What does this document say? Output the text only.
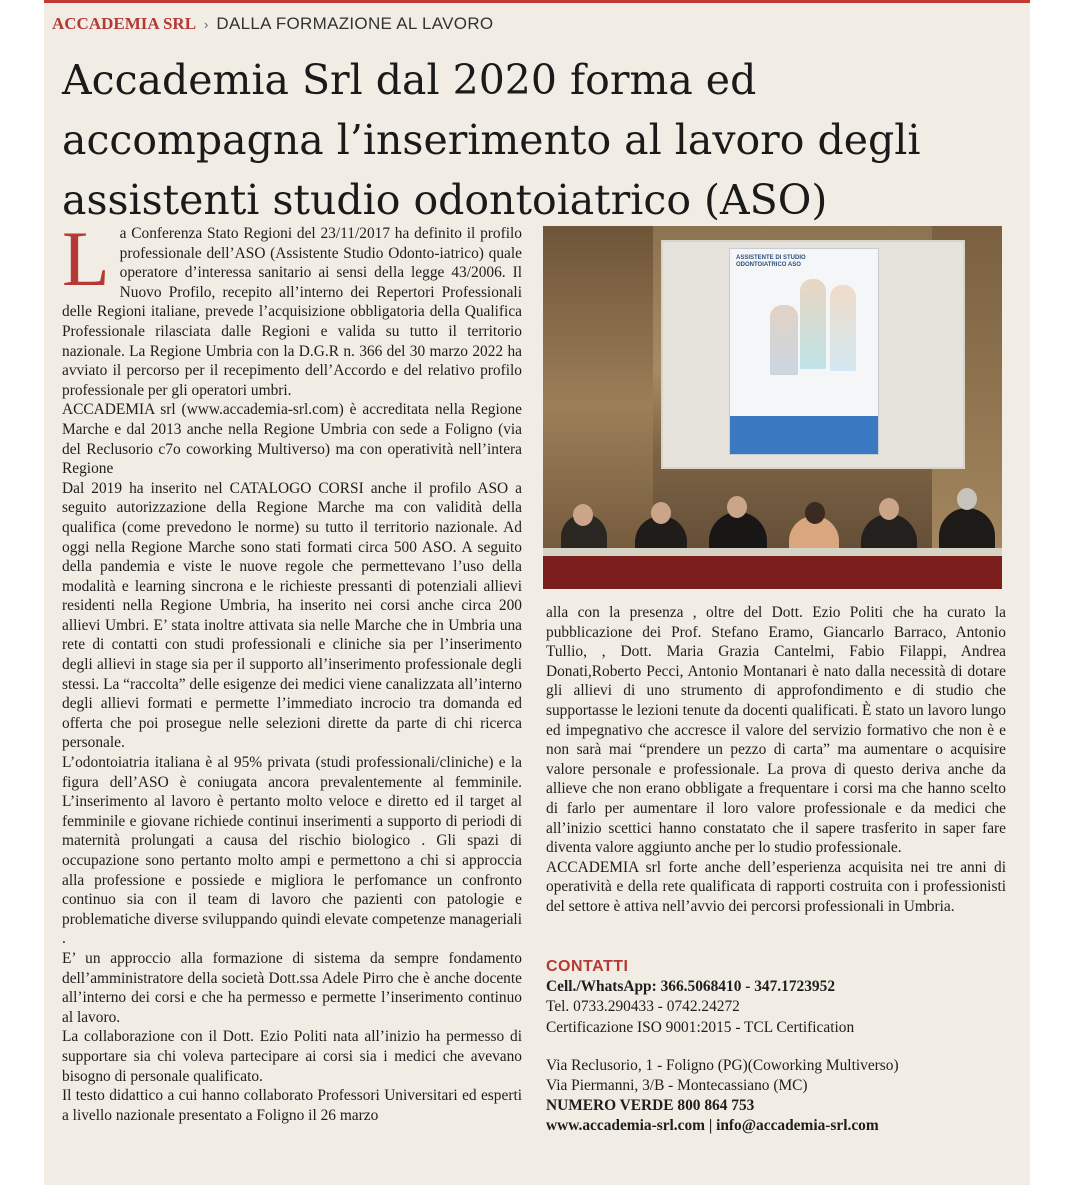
ACCADEMIA SRL › DALLA FORMAZIONE AL LAVORO
Accademia Srl dal 2020 forma ed
accompagna l’inserimento al lavoro degli
assistenti studio odontoiatrico (ASO)

La Conferenza Stato Regioni del 23/11/2017 ha definito il profilo professionale dell’ASO (Assistente Studio Odonto-iatrico) quale operatore d’interessa sanitario ai sensi della legge 43/2006. Il Nuovo Profilo, recepito all’interno dei Repertori Professionali delle Regioni italiane, prevede l’acquisizione obbligatoria della Qualifica Professionale rilasciata dalle Regioni e valida su tutto il territorio nazionale. La Regione Umbria con la D.G.R n. 366 del 30 marzo 2022 ha avviato il percorso per il recepimento dell’Accordo e del relativo profilo professionale per gli operatori umbri.

ACCADEMIA srl (www.accademia-srl.com) è accreditata nella Regione Marche e dal 2013 anche nella Regione Umbria con sede a Foligno (via del Reclusorio c7o coworking Multiverso) ma con operatività nell’intera Regione

Dal 2019 ha inserito nel CATALOGO CORSI anche il profilo ASO a seguito autorizzazione della Regione Marche ma con validità della qualifica (come prevedono le norme) su tutto il territorio nazionale. Ad oggi nella Regione Marche sono stati formati circa 500 ASO. A seguito della pandemia e viste le nuove regole che permettevano l’uso della modalità e learning sincrona e le richieste pressanti di potenziali allievi residenti nella Regione Umbria, ha inserito nei corsi anche circa 200 allievi Umbri. E’ stata inoltre attivata sia nelle Marche che in Umbria una rete di contatti con studi professionali e cliniche sia per l’inserimento degli allievi in stage sia per il supporto all’inserimento professionale degli stessi. La “raccolta” delle esigenze dei medici viene canalizzata all’interno degli allievi formati e permette l’immediato incrocio tra domanda ed offerta che poi prosegue nelle selezioni dirette da parte di chi ricerca personale.

L’odontoiatria italiana è al 95% privata (studi professionali/cliniche) e la figura dell’ASO è coniugata ancora prevalentemente al femminile. L’inserimento al lavoro è pertanto molto veloce e diretto ed il target al femminile e giovane richiede continui inserimenti a supporto di periodi di maternità prolungati a causa del rischio biologico . Gli spazi di occupazione sono pertanto molto ampi e permettono a chi si approccia alla professione e possiede e migliora le perfomance un confronto continuo sia con il team di lavoro che pazienti con patologie e problematiche diverse sviluppando quindi elevate competenze manageriali .

E’ un approccio alla formazione di sistema da sempre fondamento dell’amministratore della società Dott.ssa Adele Pirro che è anche docente all’interno dei corsi e che ha permesso e permette l’inserimento continuo al lavoro.

La collaborazione con il Dott. Ezio Politi nata all’inizio ha permesso di supportare sia chi voleva partecipare ai corsi sia i medici che avevano bisogno di personale qualificato.

Il testo didattico a cui hanno collaborato Professori Universitari ed esperti a livello nazionale presentato a Foligno il 26 marzo

ASSISTENTE DI STUDIO ODONTOIATRICO ASO

alla con la presenza , oltre del Dott. Ezio Politi che ha curato la pubblicazione dei Prof. Stefano Eramo, Giancarlo Barraco, Antonio Tullio, , Dott. Maria Grazia Cantelmi, Fabio Filappi, Andrea Donati,Roberto Pecci, Antonio Montanari è nato dalla necessità di dotare gli allievi di uno strumento di approfondimento e di studio che supportasse le lezioni tenute da docenti qualificati. È stato un lavoro lungo ed impegnativo che accresce il valore del servizio formativo che non è e non sarà mai “prendere un pezzo di carta” ma aumentare o acquisire valore personale e professionale. La prova di questo deriva anche da allieve che non erano obbligate a frequentare i corsi ma che hanno scelto di farlo per aumentare il loro valore professionale e da medici che all’inizio scettici hanno constatato che il sapere trasferito in saper fare diventa valore aggiunto anche per lo studio professionale.

ACCADEMIA srl forte anche dell’esperienza acquisita nei tre anni di operatività e della rete qualificata di rapporti costruita con i professionisti del settore è attiva nell’avvio dei percorsi professionali in Umbria.

CONTATTI
Cell./WhatsApp: 366.5068410 - 347.1723952
Tel. 0733.290433 - 0742.24272
Certificazione ISO 9001:2015 - TCL Certification
Via Reclusorio, 1 - Foligno (PG)(Coworking Multiverso)
Via Piermanni, 3/B - Montecassiano (MC)
NUMERO VERDE 800 864 753
www.accademia-srl.com | info@accademia-srl.com
